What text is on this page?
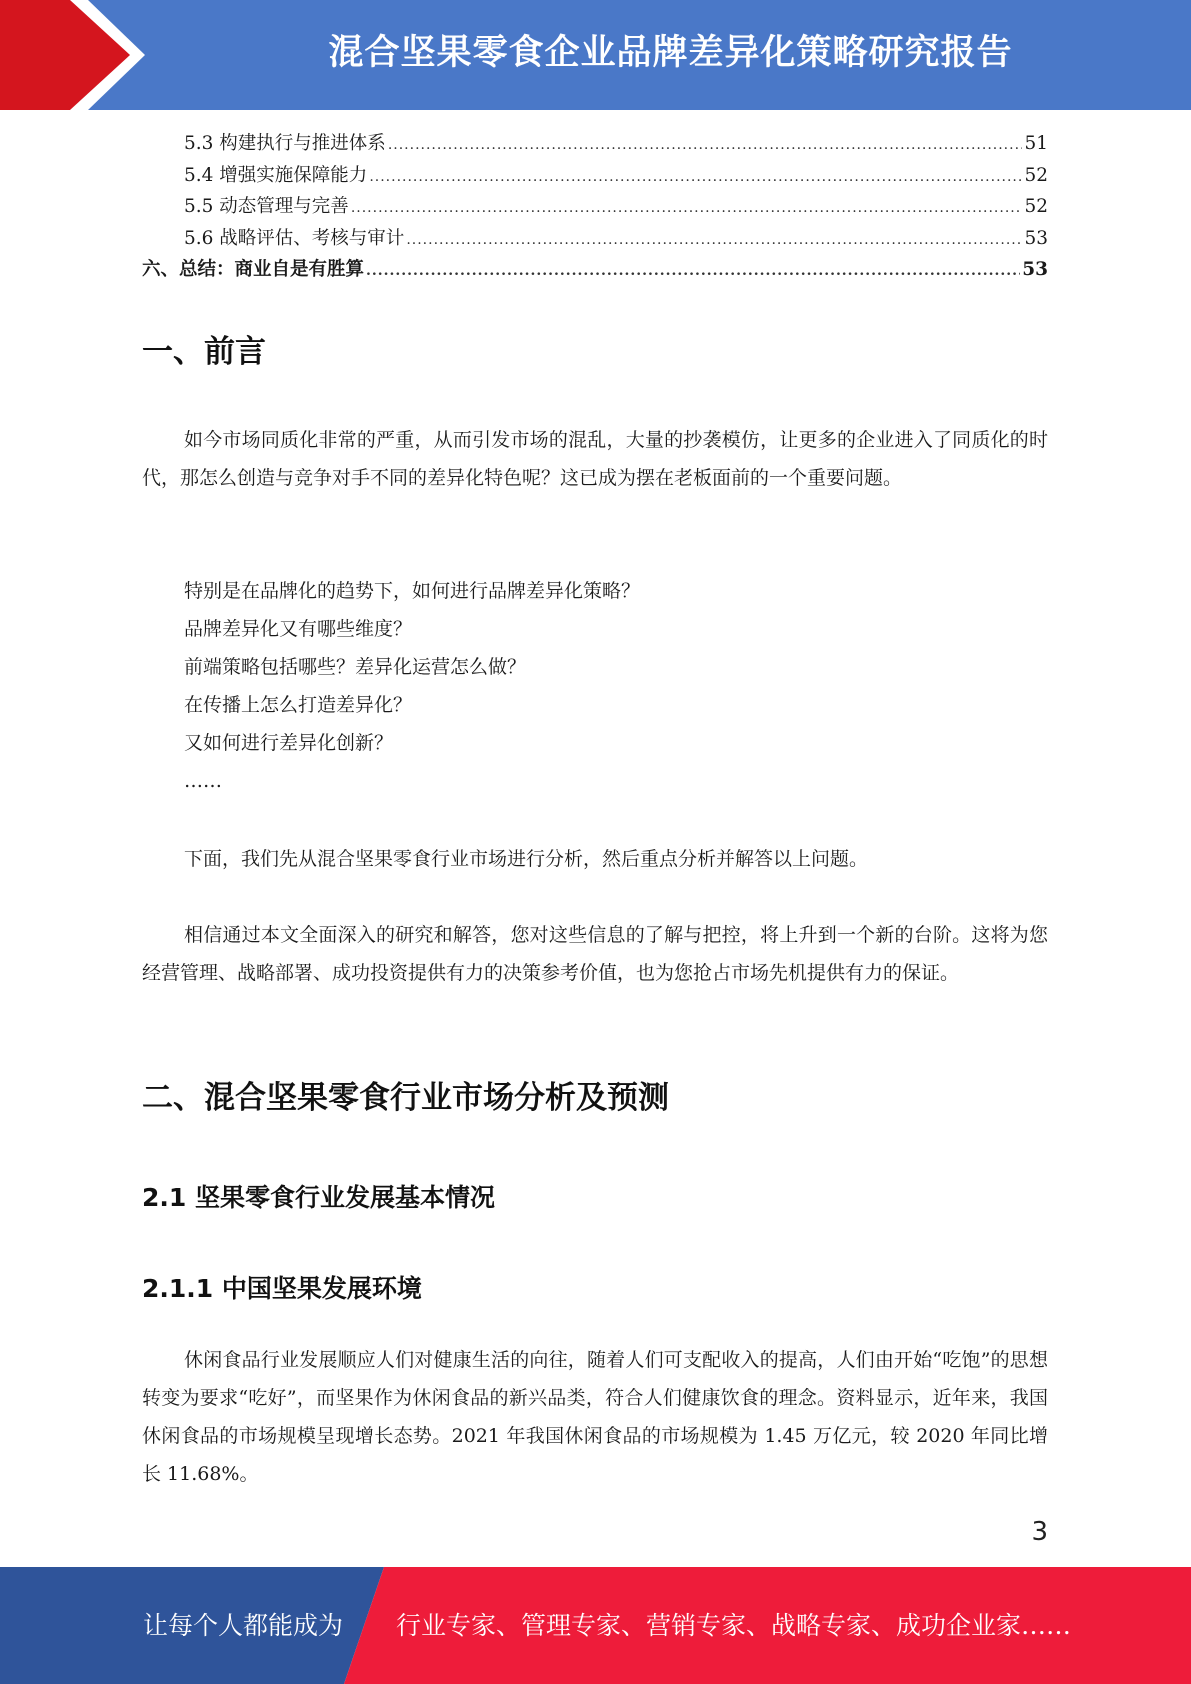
混合坚果零食企业品牌差异化策略研究报告
5.3 构建执行与推进体系 .....	51
5.4 增强实施保障能力 .....	52
5.5 动态管理与完善 .....	52
5.6 战略评估、考核与审计 .....	53
六、总结：商业自是有胜算 .....	53
一、前言
如今市场同质化非常的严重，从而引发市场的混乱，大量的抄袭模仿，让更多的企业进入了同质化的时代，那怎么创造与竞争对手不同的差异化特色呢？这已成为摆在老板面前的一个重要问题。
特别是在品牌化的趋势下，如何进行品牌差异化策略？
品牌差异化又有哪些维度？
前端策略包括哪些？差异化运营怎么做？
在传播上怎么打造差异化？
又如何进行差异化创新？
……
下面，我们先从混合坚果零食行业市场进行分析，然后重点分析并解答以上问题。
相信通过本文全面深入的研究和解答，您对这些信息的了解与把控，将上升到一个新的台阶。这将为您经营管理、战略部署、成功投资提供有力的决策参考价值，也为您抢占市场先机提供有力的保证。
二、混合坚果零食行业市场分析及预测
2.1 坚果零食行业发展基本情况
2.1.1 中国坚果发展环境
休闲食品行业发展顺应人们对健康生活的向往，随着人们可支配收入的提高，人们由开始“吃饱”的思想转变为要求“吃好”，而坚果作为休闲食品的新兴品类，符合人们健康饮食的理念。资料显示，近年来，我国休闲食品的市场规模呈现增长态势。2021 年我国休闲食品的市场规模为 1.45 万亿元，较 2020 年同比增长 11.68%。
3
让每个人都能成为 行业专家、管理专家、营销专家、战略专家、成功企业家……
